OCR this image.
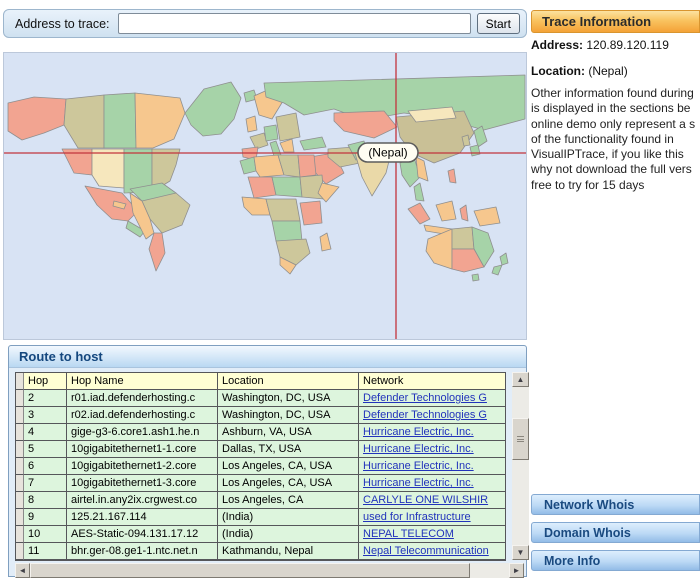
Address to trace:	Start
(Nepal)
Route to host
Hop	Hop Name	Location	Network
2	r01.iad.defenderhosting.c	Washington, DC, USA	Defender Technologies G
3	r02.iad.defenderhosting.c	Washington, DC, USA	Defender Technologies G
4	gige-g3-6.core1.ash1.he.n	Ashburn, VA, USA	Hurricane Electric, Inc.
5	10gigabitethernet1-1.core	Dallas, TX, USA	Hurricane Electric, Inc.
6	10gigabitethernet1-2.core	Los Angeles, CA, USA	Hurricane Electric, Inc.
7	10gigabitethernet1-3.core	Los Angeles, CA, USA	Hurricane Electric, Inc.
8	airtel.in.any2ix.crgwest.co	Los Angeles, CA	CARLYLE ONE WILSHIR
9	125.21.167.114	(India)	used for Infrastructure
10	AES-Static-094.131.17.12	(India)	NEPAL TELECOM
11	bhr.ger-08.ge1-1.ntc.net.n	Kathmandu, Nepal	Nepal Telecommunication
▲
▼
◄	►
Trace Information
Address: 120.89.120.119
Location: (Nepal)
Other information found during
is displayed in the sections be
online demo only represent a s
of the functionality found in
VisualIPTrace, if you like this
why not download the full vers
free to try for 15 days
Network Whois
Domain Whois
More Info
